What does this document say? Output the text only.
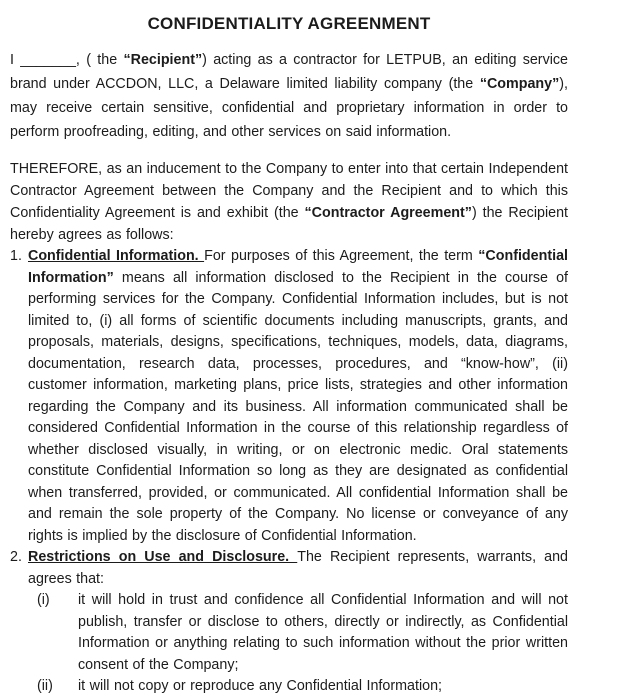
CONFIDENTIALITY AGREENMENT

I _______, ( the “Recipient”) acting as a contractor for LETPUB, an editing service brand under ACCDON, LLC, a Delaware limited liability company (the “Company”), may receive certain sensitive, confidential and proprietary information in order to perform proofreading, editing, and other services on said information.

THEREFORE, as an inducement to the Company to enter into that certain Independent Contractor Agreement between the Company and the Recipient and to which this Confidentiality Agreement is and exhibit (the “Contractor Agreement”) the Recipient hereby agrees as follows:

1. Confidential Information. For purposes of this Agreement, the term “Confidential Information” means all information disclosed to the Recipient in the course of performing services for the Company. Confidential Information includes, but is not limited to, (i) all forms of scientific documents including manuscripts, grants, and proposals, materials, designs, specifications, techniques, models, data, diagrams, documentation, research data, processes, procedures, and “know-how”, (ii) customer information, marketing plans, price lists, strategies and other information regarding the Company and its business. All information communicated shall be considered Confidential Information in the course of this relationship regardless of whether disclosed visually, in writing, or on electronic medic. Oral statements constitute Confidential Information so long as they are designated as confidential when transferred, provided, or communicated. All confidential Information shall be and remain the sole property of the Company. No license or conveyance of any rights is implied by the disclosure of Confidential Information.

2. Restrictions on Use and Disclosure. The Recipient represents, warrants, and agrees that:

(i)	it will hold in trust and confidence all Confidential Information and will not publish, transfer or disclose to others, directly or indirectly, as Confidential Information or anything relating to such information without the prior written consent of the Company;

(ii)	it will not copy or reproduce any Confidential Information;
